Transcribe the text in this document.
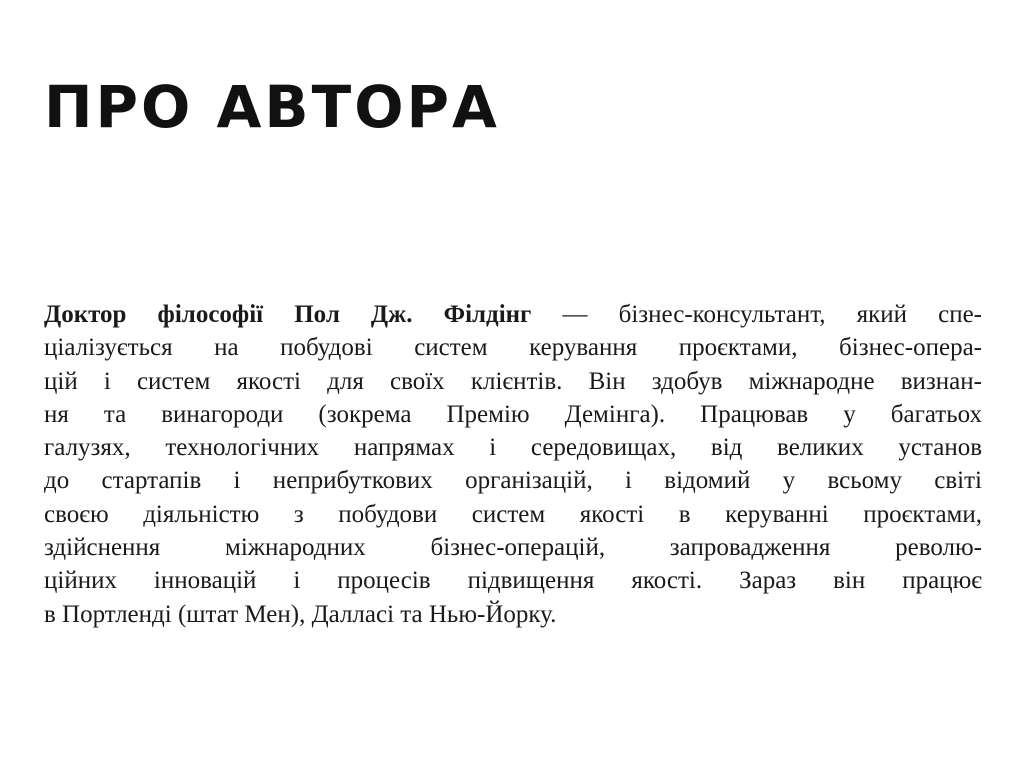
ПРО АВТОРА
Доктор філософії Пол Дж. Філдінг — бізнес-консультант, який спе-
ціалізується на побудові систем керування проєктами, бізнес-опера-
цій і систем якості для своїх клієнтів. Він здобув міжнародне визнан-
ня та винагороди (зокрема Премію Демінга). Працював у багатьох
галузях, технологічних напрямах і середовищах, від великих установ
до стартапів і неприбуткових організацій, і відомий у всьому світі
своєю діяльністю з побудови систем якості в керуванні проєктами,
здійснення міжнародних бізнес-операцій, запровадження револю-
ційних інновацій і процесів підвищення якості. Зараз він працює
в Портленді (штат Мен), Далласі та Нью-Йорку.
